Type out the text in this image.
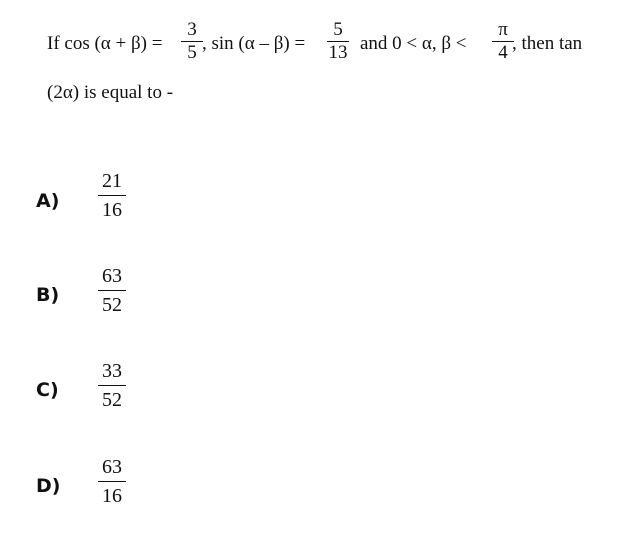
If cos (α + β) =
3
5 , sin (α – β) =
5
13 and 0 < α, β <
π
4 , then tan
(2α) is equal to -
A)
21
16
B)
63
52
C)
33
52
D)
63
16
